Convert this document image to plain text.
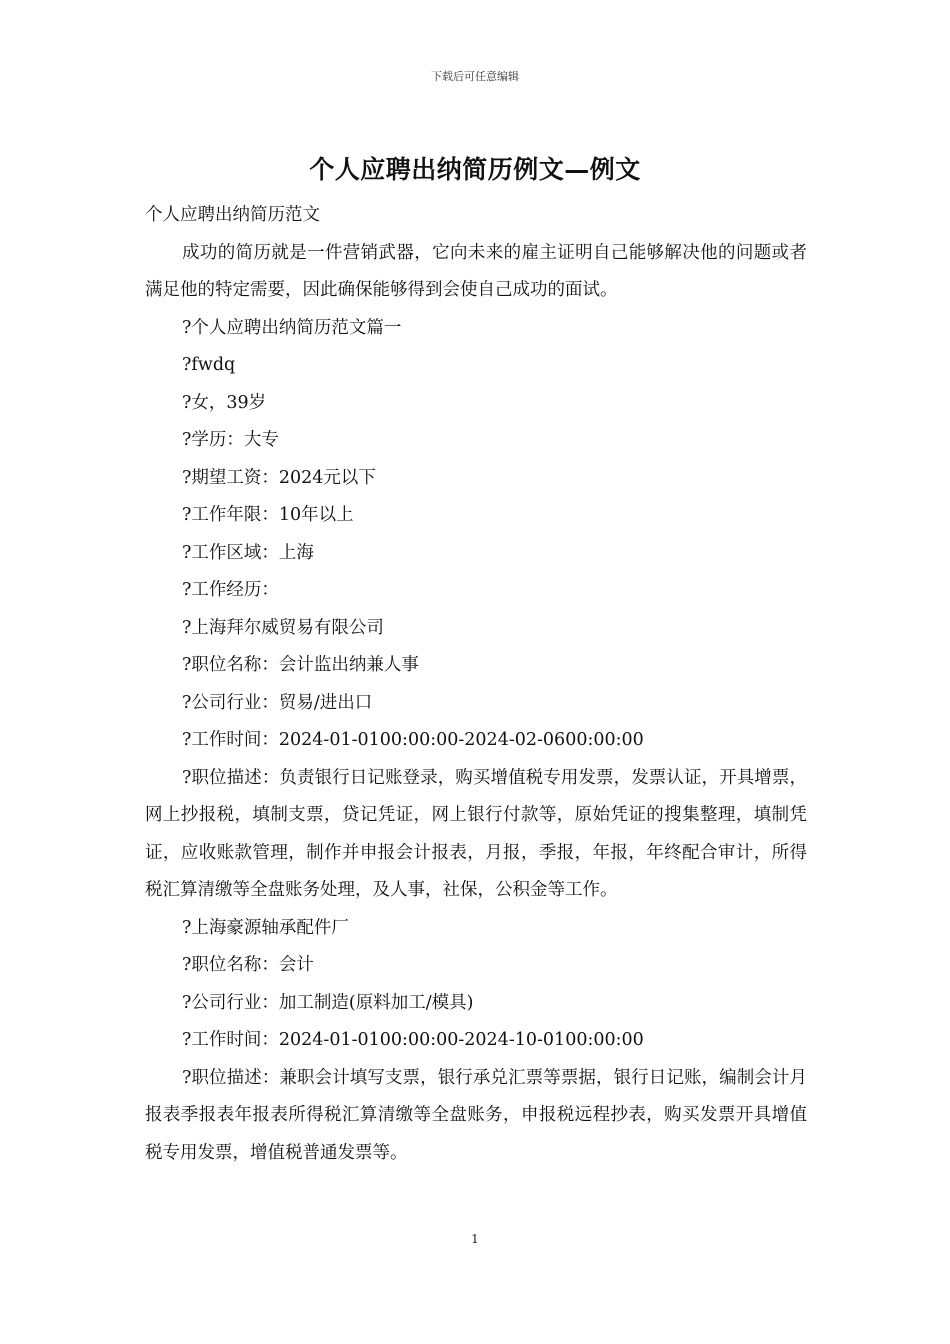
下载后可任意编辑
个人应聘出纳简历例文—例文

个人应聘出纳简历范文

成功的简历就是一件营销武器，它向未来的雇主证明自己能够解决他的问题或者满足他的特定需要，因此确保能够得到会使自己成功的面试。

?个人应聘出纳简历范文篇一

?fwdq

?女，39岁

?学历：大专

?期望工资：2024元以下

?工作年限：10年以上

?工作区域：上海

?工作经历：

?上海拜尔威贸易有限公司

?职位名称：会计监出纳兼人事

?公司行业：贸易/进出口

?工作时间：2024-01-0100:00:00-2024-02-0600:00:00

?职位描述：负责银行日记账登录，购买增值税专用发票，发票认证，开具增票，网上抄报税，填制支票，贷记凭证，网上银行付款等，原始凭证的搜集整理，填制凭证，应收账款管理，制作并申报会计报表，月报，季报，年报，年终配合审计，所得税汇算清缴等全盘账务处理，及人事，社保，公积金等工作。

?上海豪源轴承配件厂

?职位名称：会计

?公司行业：加工制造(原料加工/模具)

?工作时间：2024-01-0100:00:00-2024-10-0100:00:00

?职位描述：兼职会计填写支票，银行承兑汇票等票据，银行日记账，编制会计月报表季报表年报表所得税汇算清缴等全盘账务，申报税远程抄表，购买发票开具增值税专用发票，增值税普通发票等。

1
